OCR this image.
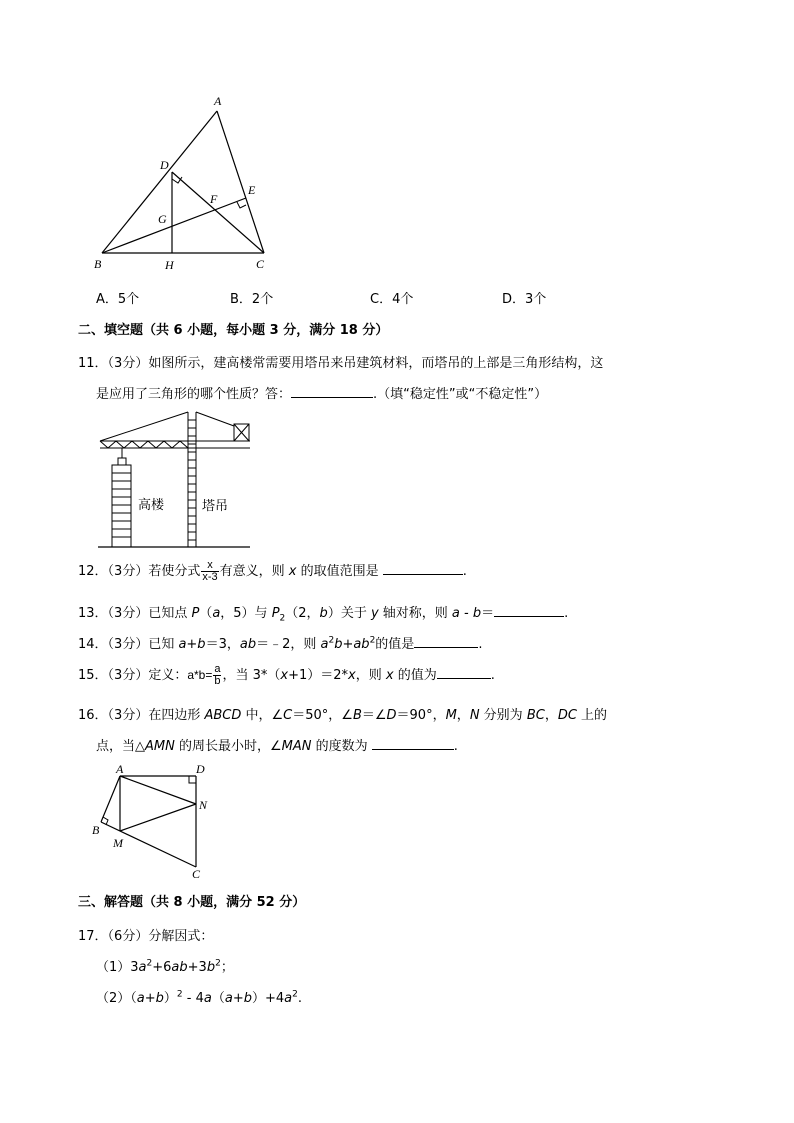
A
D
E
F
G
B	H	C
A．5个	B．2个	C．4个	D．3个
二、填空题（共 6 小题，每小题 3 分，满分 18 分）
11．（3分）如图所示，建高楼常需要用塔吊来吊建筑材料，而塔吊的上部是三角形结构，这
是应用了三角形的哪个性质？答：	.（填“稳定性”或“不稳定性”）
高楼	塔吊
12．（3分）若使分式 $\frac{x}{x-3}$ 有意义，则 x 的取值范围是	.
13．（3分）已知点 P（a，5）与 $P_2(2$，b）关于 y 轴对称，则 a - b＝	.
14．（3分）已知 a+b＝3，ab＝﹣2，则 $a^2b+ab^2$的值是	.
15．（3分）定义：$a*b= \frac{a}{b}$ ，当 3*（x+1）＝2*x，则 x 的值为	.
16．（3分）在四边形 ABCD 中，∠C＝50°，∠B＝∠D＝90°，M，N 分别为 BC，DC 上的
点，当△AMN 的周长最小时，∠MAN 的度数为	.
A	D
N
B
M
C
三、解答题（共 8 小题，满分 52 分）
17．（6分）分解因式：
$(1)3a^2+6ab+3b^2$；
$(2)(a+b)^2 - 4a(a+b)+4a^2$.
